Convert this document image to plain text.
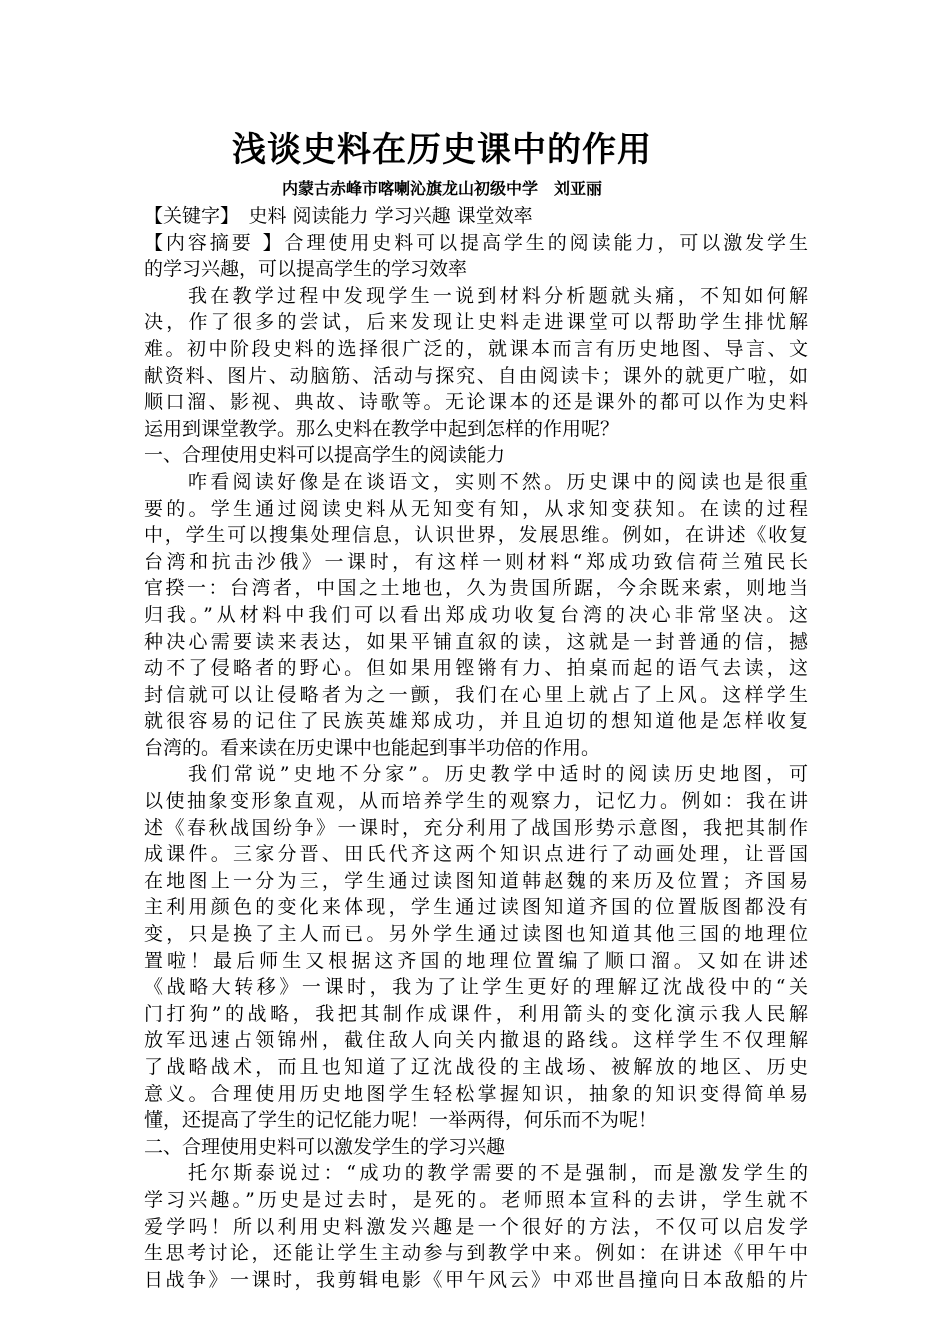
浅谈史料在历史课中的作用
内蒙古赤峰市喀喇沁旗龙山初级中学　刘亚丽
【关键字】　史料 阅读能力 学习兴趣 课堂效率
【内容摘要 】合理使用史料可以提高学生的阅读能力，可以激发学生
的学习兴趣，可以提高学生的学习效率
我在教学过程中发现学生一说到材料分析题就头痛，不知如何解
决，作了很多的尝试，后来发现让史料走进课堂可以帮助学生排忧解
难。初中阶段史料的选择很广泛的，就课本而言有历史地图、导言、文
献资料、图片、动脑筋、活动与探究、自由阅读卡；课外的就更广啦，如
顺口溜、影视、典故、诗歌等。无论课本的还是课外的都可以作为史料
运用到课堂教学。那么史料在教学中起到怎样的作用呢？
一、合理使用史料可以提高学生的阅读能力
咋看阅读好像是在谈语文，实则不然。历史课中的阅读也是很重
要的。学生通过阅读史料从无知变有知，从求知变获知。在读的过程
中，学生可以搜集处理信息，认识世界，发展思维。例如，在讲述《收复
台湾和抗击沙俄》一课时，有这样一则材料“郑成功致信荷兰殖民长
官揆一：台湾者，中国之土地也，久为贵国所踞，今余既来索，则地当
归我。”从材料中我们可以看出郑成功收复台湾的决心非常坚决。这
种决心需要读来表达，如果平铺直叙的读，这就是一封普通的信，撼
动不了侵略者的野心。但如果用铿锵有力、拍桌而起的语气去读，这
封信就可以让侵略者为之一颤，我们在心里上就占了上风。这样学生
就很容易的记住了民族英雄郑成功，并且迫切的想知道他是怎样收复
台湾的。看来读在历史课中也能起到事半功倍的作用。
我们常说”史地不分家”。历史教学中适时的阅读历史地图，可
以使抽象变形象直观，从而培养学生的观察力，记忆力。例如：我在讲
述《春秋战国纷争》一课时，充分利用了战国形势示意图，我把其制作
成课件。三家分晋、田氏代齐这两个知识点进行了动画处理，让晋国
在地图上一分为三，学生通过读图知道韩赵魏的来历及位置；齐国易
主利用颜色的变化来体现，学生通过读图知道齐国的位置版图都没有
变，只是换了主人而已。另外学生通过读图也知道其他三国的地理位
置啦！最后师生又根据这齐国的地理位置编了顺口溜。又如在讲述
《战略大转移》一课时，我为了让学生更好的理解辽沈战役中的“关
门打狗”的战略，我把其制作成课件，利用箭头的变化演示我人民解
放军迅速占领锦州，截住敌人向关内撤退的路线。这样学生不仅理解
了战略战术，而且也知道了辽沈战役的主战场、被解放的地区、历史
意义。合理使用历史地图学生轻松掌握知识，抽象的知识变得简单易
懂，还提高了学生的记忆能力呢！一举两得，何乐而不为呢！
二、合理使用史料可以激发学生的学习兴趣
托尔斯泰说过：“成功的教学需要的不是强制，而是激发学生的
学习兴趣。”历史是过去时，是死的。老师照本宣科的去讲，学生就不
爱学吗！所以利用史料激发兴趣是一个很好的方法，不仅可以启发学
生思考讨论，还能让学生主动参与到教学中来。例如：在讲述《甲午中
日战争》一课时，我剪辑电影《甲午风云》中邓世昌撞向日本敌船的片
